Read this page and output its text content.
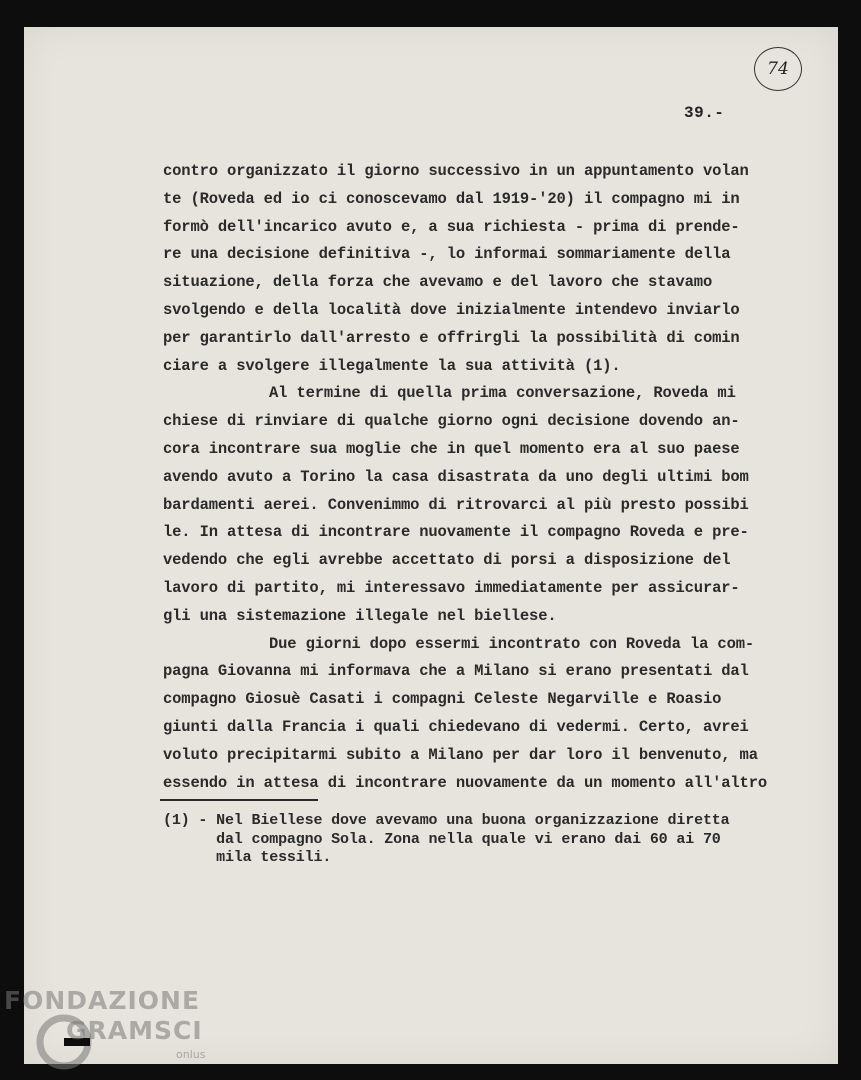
74
39.-
contro organizzato il giorno successivo in un appuntamento volan
te (Roveda ed io ci conoscevamo dal 1919-'20) il compagno mi in
formò dell'incarico avuto e, a sua richiesta - prima di prende-
re una decisione definitiva -, lo informai sommariamente della
situazione, della forza che avevamo e del lavoro che stavamo
svolgendo e della località dove inizialmente intendevo inviarlo
per garantirlo dall'arresto e offrirgli la possibilità di comin
ciare a svolgere illegalmente la sua attività (1).
Al termine di quella prima conversazione, Roveda mi
chiese di rinviare di qualche giorno ogni decisione dovendo an-
cora incontrare sua moglie che in quel momento era al suo paese
avendo avuto a Torino la casa disastrata da uno degli ultimi bom
bardamenti aerei. Convenimmo di ritrovarci al più presto possibi
le. In attesa di incontrare nuovamente il compagno Roveda e pre-
vedendo che egli avrebbe accettato di porsi a disposizione del
lavoro di partito, mi interessavo immediatamente per assicurar-
gli una sistemazione illegale nel biellese.
Due giorni dopo essermi incontrato con Roveda la com-
pagna Giovanna mi informava che a Milano si erano presentati dal
compagno Giosuè Casati i compagni Celeste Negarville e Roasio
giunti dalla Francia i quali chiedevano di vedermi. Certo, avrei
voluto precipitarmi subito a Milano per dar loro il benvenuto, ma
essendo in attesa di incontrare nuovamente da un momento all'altro
(1) - Nel Biellese dove avevamo una buona organizzazione diretta
dal compagno Sola. Zona nella quale vi erano dai 60 ai 70
mila tessili.
FONDAZIONE
GRAMSCI
onlus
